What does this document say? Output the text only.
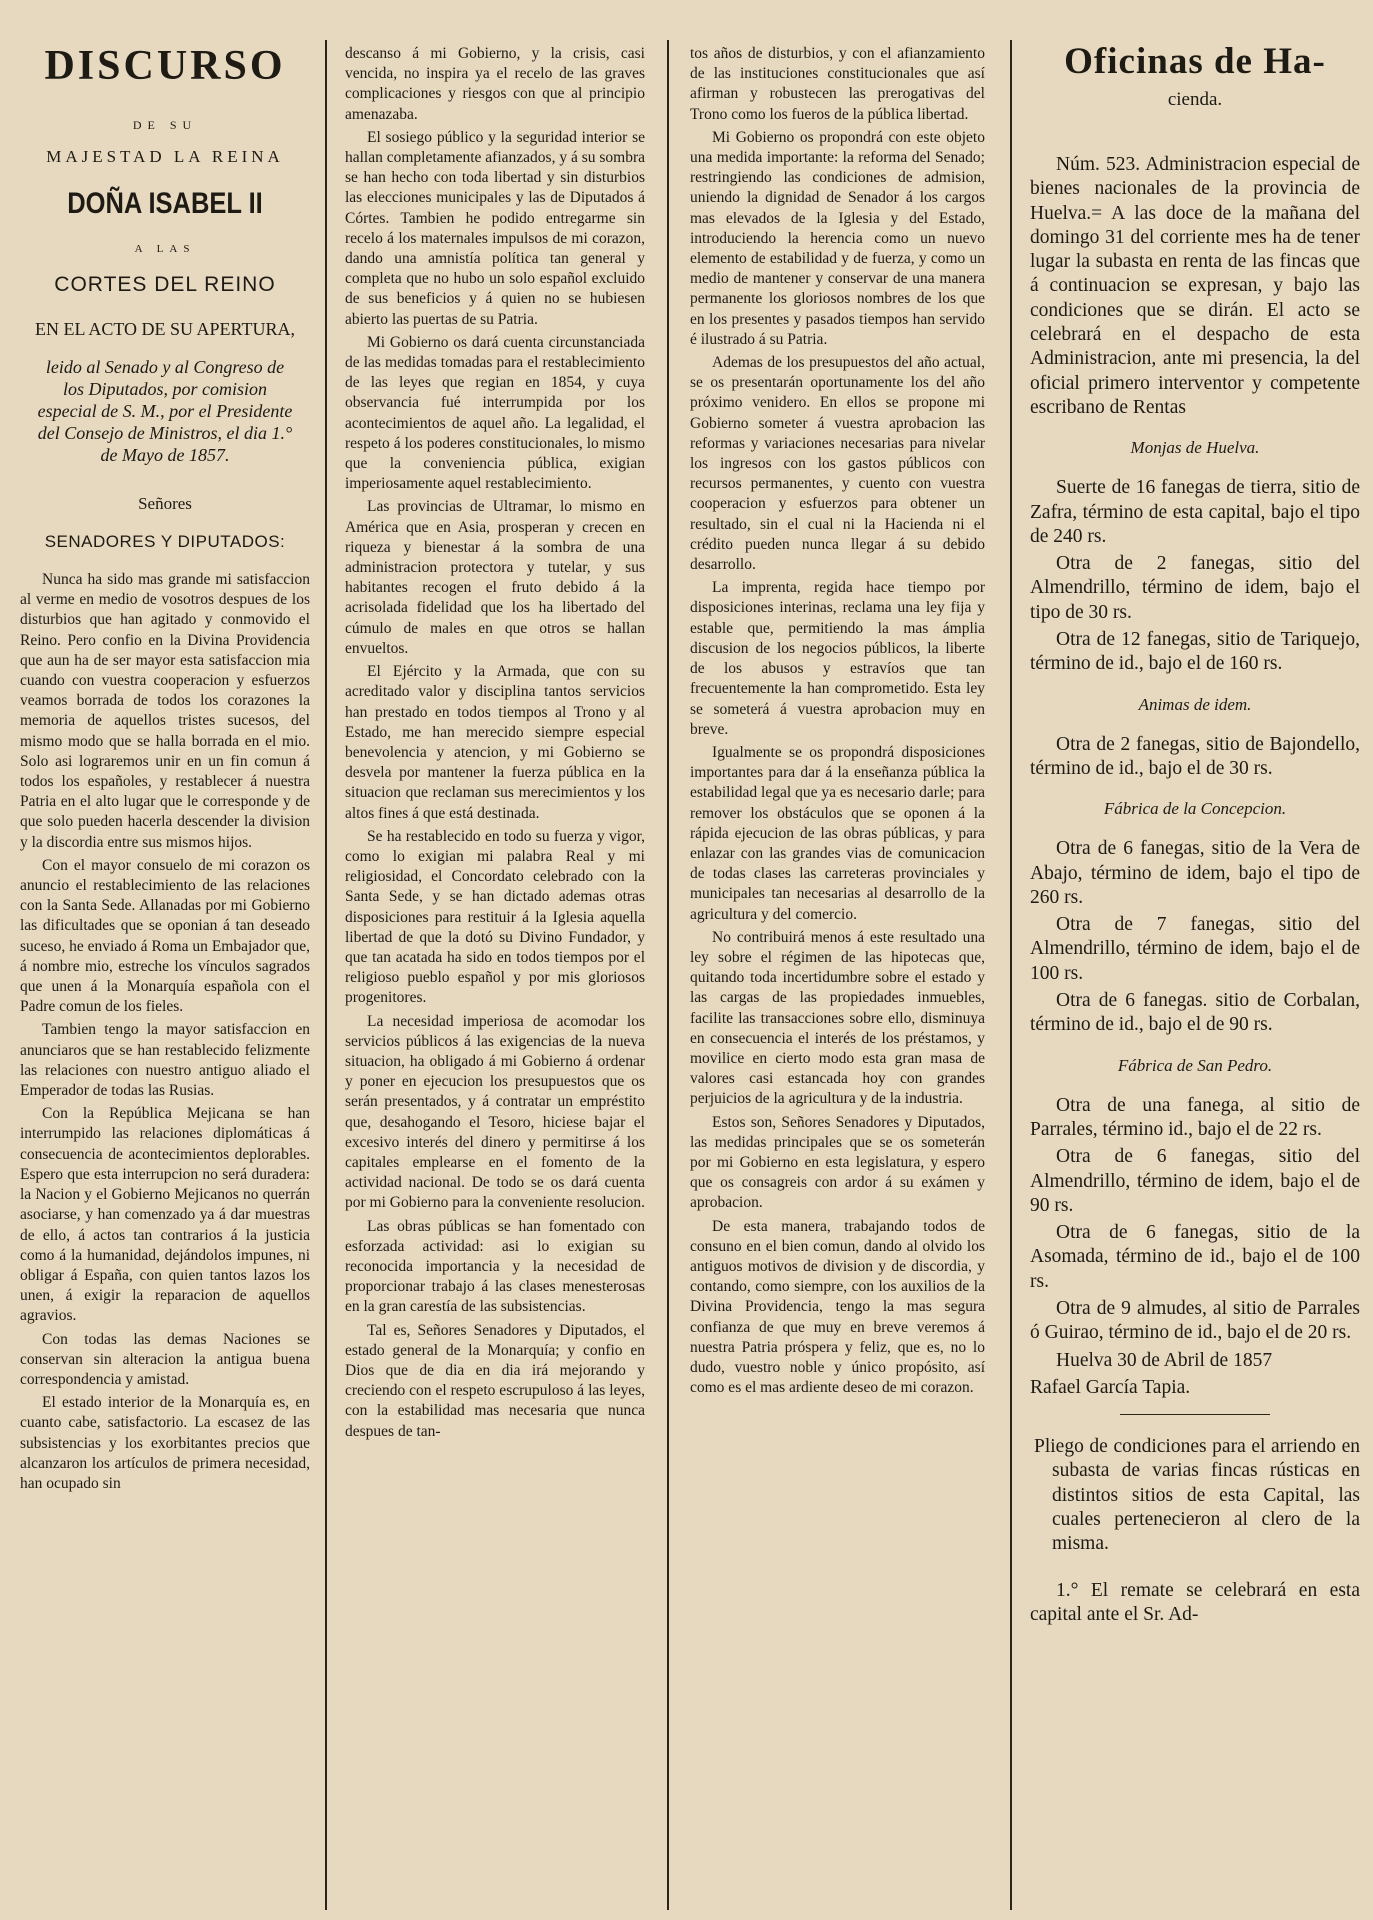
DISCURSO
DE SU
MAJESTAD LA REINA
DOÑA ISABEL II
A LAS
CORTES DEL REINO
EN EL ACTO DE SU APERTURA,
leido al Senado y al Congreso de los Diputados, por comision especial de S. M., por el Presidente del Consejo de Ministros, el dia 1.° de Mayo de 1857.
Señores
SENADORES Y DIPUTADOS:

Nunca ha sido mas grande mi satisfaccion al verme en medio de vosotros despues de los disturbios que han agitado y conmovido el Reino. Pero confio en la Divina Providencia que aun ha de ser mayor esta satisfaccion mia cuando con vuestra cooperacion y esfuerzos veamos borrada de todos los corazones la memoria de aquellos tristes sucesos, del mismo modo que se halla borrada en el mio. Solo asi lograremos unir en un fin comun á todos los españoles, y restablecer á nuestra Patria en el alto lugar que le corresponde y de que solo pueden hacerla descender la division y la discordia entre sus mismos hijos.

Con el mayor consuelo de mi corazon os anuncio el restablecimiento de las relaciones con la Santa Sede. Allanadas por mi Gobierno las dificultades que se oponian á tan deseado suceso, he enviado á Roma un Embajador que, á nombre mio, estreche los vínculos sagrados que unen á la Monarquía española con el Padre comun de los fieles.

Tambien tengo la mayor satisfaccion en anunciaros que se han restablecido felizmente las relaciones con nuestro antiguo aliado el Emperador de todas las Rusias.

Con la República Mejicana se han interrumpido las relaciones diplomáticas á consecuencia de acontecimientos deplorables. Espero que esta interrupcion no será duradera: la Nacion y el Gobierno Mejicanos no querrán asociarse, y han comenzado ya á dar muestras de ello, á actos tan contrarios á la justicia como á la humanidad, dejándolos impunes, ni obligar á España, con quien tantos lazos los unen, á exigir la reparacion de aquellos agravios.

Con todas las demas Naciones se conservan sin alteracion la antigua buena correspondencia y amistad.

El estado interior de la Monarquía es, en cuanto cabe, satisfactorio. La escasez de las subsistencias y los exorbitantes precios que alcanzaron los artículos de primera necesidad, han ocupado sin

descanso á mi Gobierno, y la crisis, casi vencida, no inspira ya el recelo de las graves complicaciones y riesgos con que al principio amenazaba.

El sosiego público y la seguridad interior se hallan completamente afianzados, y á su sombra se han hecho con toda libertad y sin disturbios las elecciones municipales y las de Diputados á Córtes. Tambien he podido entregarme sin recelo á los maternales impulsos de mi corazon, dando una amnistía política tan general y completa que no hubo un solo español excluido de sus beneficios y á quien no se hubiesen abierto las puertas de su Patria.

Mi Gobierno os dará cuenta circunstanciada de las medidas tomadas para el restablecimiento de las leyes que regian en 1854, y cuya observancia fué interrumpida por los acontecimientos de aquel año. La legalidad, el respeto á los poderes constitucionales, lo mismo que la conveniencia pública, exigian imperiosamente aquel restablecimiento.

Las provincias de Ultramar, lo mismo en América que en Asia, prosperan y crecen en riqueza y bienestar á la sombra de una administracion protectora y tutelar, y sus habitantes recogen el fruto debido á la acrisolada fidelidad que los ha libertado del cúmulo de males en que otros se hallan envueltos.

El Ejército y la Armada, que con su acreditado valor y disciplina tantos servicios han prestado en todos tiempos al Trono y al Estado, me han merecido siempre especial benevolencia y atencion, y mi Gobierno se desvela por mantener la fuerza pública en la situacion que reclaman sus merecimientos y los altos fines á que está destinada.

Se ha restablecido en todo su fuerza y vigor, como lo exigian mi palabra Real y mi religiosidad, el Concordato celebrado con la Santa Sede, y se han dictado ademas otras disposiciones para restituir á la Iglesia aquella libertad de que la dotó su Divino Fundador, y que tan acatada ha sido en todos tiempos por el religioso pueblo español y por mis gloriosos progenitores.

La necesidad imperiosa de acomodar los servicios públicos á las exigencias de la nueva situacion, ha obligado á mi Gobierno á ordenar y poner en ejecucion los presupuestos que os serán presentados, y á contratar un empréstito que, desahogando el Tesoro, hiciese bajar el excesivo interés del dinero y permitirse á los capitales emplearse en el fomento de la actividad nacional. De todo se os dará cuenta por mi Gobierno para la conveniente resolucion.

Las obras públicas se han fomentado con esforzada actividad: asi lo exigian su reconocida importancia y la necesidad de proporcionar trabajo á las clases menesterosas en la gran carestía de las subsistencias.

Tal es, Señores Senadores y Diputados, el estado general de la Monarquía; y confio en Dios que de dia en dia irá mejorando y creciendo con el respeto escrupuloso á las leyes, con la estabilidad mas necesaria que nunca despues de tan-

tos años de disturbios, y con el afianzamiento de las instituciones constitucionales que así afirman y robustecen las prerogativas del Trono como los fueros de la pública libertad.

Mi Gobierno os propondrá con este objeto una medida importante: la reforma del Senado; restringiendo las condiciones de admision, uniendo la dignidad de Senador á los cargos mas elevados de la Iglesia y del Estado, introduciendo la herencia como un nuevo elemento de estabilidad y de fuerza, y como un medio de mantener y conservar de una manera permanente los gloriosos nombres de los que en los presentes y pasados tiempos han servido é ilustrado á su Patria.

Ademas de los presupuestos del año actual, se os presentarán oportunamente los del año próximo venidero. En ellos se propone mi Gobierno someter á vuestra aprobacion las reformas y variaciones necesarias para nivelar los ingresos con los gastos públicos con recursos permanentes, y cuento con vuestra cooperacion y esfuerzos para obtener un resultado, sin el cual ni la Hacienda ni el crédito pueden nunca llegar á su debido desarrollo.

La imprenta, regida hace tiempo por disposiciones interinas, reclama una ley fija y estable que, permitiendo la mas ámplia discusion de los negocios públicos, la liberte de los abusos y estravíos que tan frecuentemente la han comprometido. Esta ley se someterá á vuestra aprobacion muy en breve.

Igualmente se os propondrá disposiciones importantes para dar á la enseñanza pública la estabilidad legal que ya es necesario darle; para remover los obstáculos que se oponen á la rápida ejecucion de las obras públicas, y para enlazar con las grandes vias de comunicacion de todas clases las carreteras provinciales y municipales tan necesarias al desarrollo de la agricultura y del comercio.

No contribuirá menos á este resultado una ley sobre el régimen de las hipotecas que, quitando toda incertidumbre sobre el estado y las cargas de las propiedades inmuebles, facilite las transacciones sobre ello, disminuya en consecuencia el interés de los préstamos, y movilice en cierto modo esta gran masa de valores casi estancada hoy con grandes perjuicios de la agricultura y de la industria.

Estos son, Señores Senadores y Diputados, las medidas principales que se os someterán por mi Gobierno en esta legislatura, y espero que os consagreis con ardor á su exámen y aprobacion.

De esta manera, trabajando todos de consuno en el bien comun, dando al olvido los antiguos motivos de division y de discordia, y contando, como siempre, con los auxilios de la Divina Providencia, tengo la mas segura confianza de que muy en breve veremos á nuestra Patria próspera y feliz, que es, no lo dudo, vuestro noble y único propósito, así como es el mas ardiente deseo de mi corazon.

Oficinas de Ha-
cienda.

Núm. 523. Administracion especial de bienes nacionales de la provincia de Huelva.= A las doce de la mañana del domingo 31 del corriente mes ha de tener lugar la subasta en renta de las fincas que á continuacion se expresan, y bajo las condiciones que se dirán. El acto se celebrará en el despacho de esta Administracion, ante mi presencia, la del oficial primero interventor y competente escribano de Rentas

Monjas de Huelva.

Suerte de 16 fanegas de tierra, sitio de Zafra, término de esta capital, bajo el tipo de 240 rs.

Otra de 2 fanegas, sitio del Almendrillo, término de idem, bajo el tipo de 30 rs.

Otra de 12 fanegas, sitio de Tariquejo, término de id., bajo el de 160 rs.

Animas de idem.

Otra de 2 fanegas, sitio de Bajondello, término de id., bajo el de 30 rs.

Fábrica de la Concepcion.

Otra de 6 fanegas, sitio de la Vera de Abajo, término de idem, bajo el tipo de 260 rs.

Otra de 7 fanegas, sitio del Almendrillo, término de idem, bajo el de 100 rs.

Otra de 6 fanegas. sitio de Corbalan, término de id., bajo el de 90 rs.

Fábrica de San Pedro.

Otra de una fanega, al sitio de Parrales, término id., bajo el de 22 rs.

Otra de 6 fanegas, sitio del Almendrillo, término de idem, bajo el de 90 rs.

Otra de 6 fanegas, sitio de la Asomada, término de id., bajo el de 100 rs.

Otra de 9 almudes, al sitio de Parrales ó Guirao, término de id., bajo el de 20 rs.

Huelva 30 de Abril de 1857

Rafael García Tapia.

Pliego de condiciones para el arriendo en subasta de varias fincas rústicas en distintos sitios de esta Capital, las cuales pertenecieron al clero de la misma.

1.° El remate se celebrará en esta capital ante el Sr. Ad-
